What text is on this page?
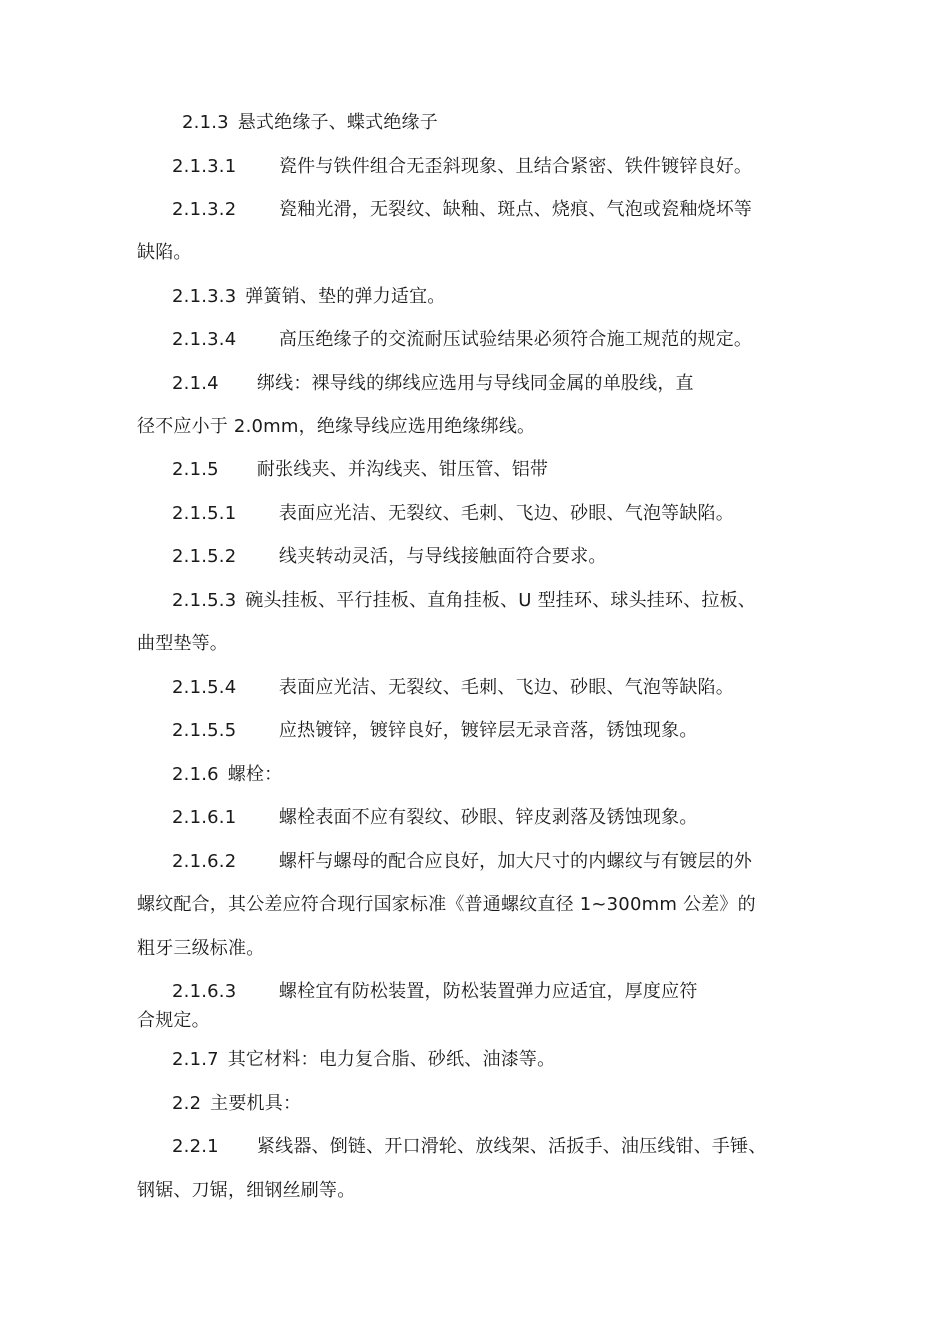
2.1.3 悬式绝缘子、蝶式绝缘子
2.1.3.1 瓷件与铁件组合无歪斜现象、且结合紧密、铁件镀锌良好。
2.1.3.2 瓷釉光滑，无裂纹、缺釉、斑点、烧痕、气泡或瓷釉烧坏等
缺陷。
2.1.3.3 弹簧销、垫的弹力适宜。
2.1.3.4 高压绝缘子的交流耐压试验结果必须符合施工规范的规定。
2.1.4 绑线：裸导线的绑线应选用与导线同金属的单股线，直
径不应小于 2.0mm，绝缘导线应选用绝缘绑线。
2.1.5 耐张线夹、并沟线夹、钳压管、铝带
2.1.5.1 表面应光洁、无裂纹、毛刺、飞边、砂眼、气泡等缺陷。
2.1.5.2 线夹转动灵活，与导线接触面符合要求。
2.1.5.3 碗头挂板、平行挂板、直角挂板、U 型挂环、球头挂环、拉板、
曲型垫等。
2.1.5.4 表面应光洁、无裂纹、毛刺、飞边、砂眼、气泡等缺陷。
2.1.5.5 应热镀锌，镀锌良好，镀锌层无录音落，锈蚀现象。
2.1.6 螺栓：
2.1.6.1 螺栓表面不应有裂纹、砂眼、锌皮剥落及锈蚀现象。
2.1.6.2 螺杆与螺母的配合应良好，加大尺寸的内螺纹与有镀层的外
螺纹配合，其公差应符合现行国家标准《普通螺纹直径 1~300mm 公差》的
粗牙三级标准。
2.1.6.3 螺栓宜有防松装置，防松装置弹力应适宜，厚度应符
合规定。
2.1.7 其它材料：电力复合脂、砂纸、油漆等。
2.2 主要机具：
2.2.1 紧线器、倒链、开口滑轮、放线架、活扳手、油压线钳、手锤、
钢锯、刀锯，细钢丝刷等。
